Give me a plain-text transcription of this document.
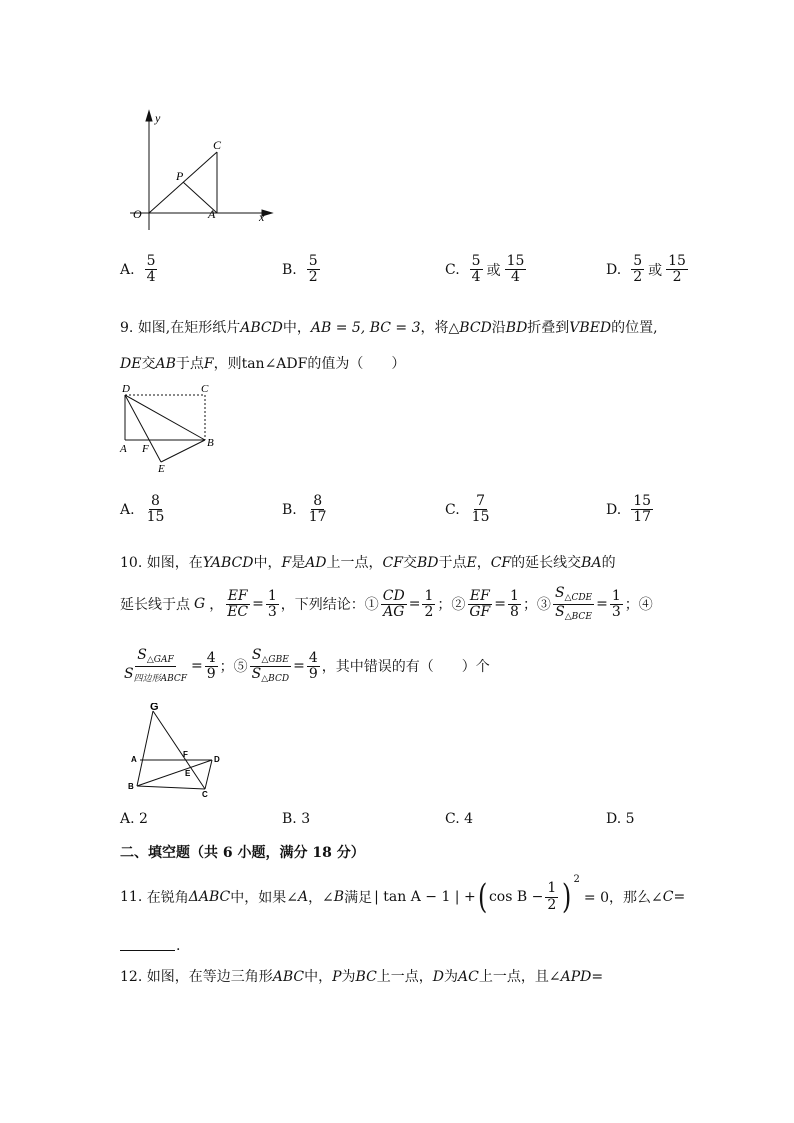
y
C
P
O	A	x
A. $\frac{5}{4}$	B. $\frac{5}{2}$	C. $\frac{5}{4}$ 或 $\frac{15}{4}$	D. $\frac{5}{2}$ 或 $\frac{15}{2}$
9. 如图,在矩形纸片ABCD中，AB = 5, BC = 3，将△BCD沿BD折叠到VBED的位置,
DE交AB于点F，则tan∠ADF的值为（　　）
D	C
A F	B
E
A. $\frac{8}{15}$	B. $\frac{8}{17}$	C. $\frac{7}{15}$	D. $\frac{15}{17}$
10. 如图，在YABCD中，F是AD上一点，CF交BD于点E，CF的延长线交BA的
延长线于点 G ， $\frac{EF}{EC} = \frac{1}{3}$ ，下列结论：① $\frac{CD}{AG} = \frac{1}{2}$ ；② $\frac{EF}{GF} = \frac{1}{8}$ ；③ $\frac{S_{\triangle CDE}}{S_{\triangle BCE}} = \frac{1}{3}$ ；④
$\frac{S_{\triangle GAF}}{S_{四边形ABCF}} = \frac{4}{9}$ ；⑤ $\frac{S_{\triangle GBE}}{S_{\triangle BCD}} = \frac{4}{9}$ ，其中错误的有（　　）个
G
A
F
D
E
B
C
A. 2	B. 3	C. 4	D. 5
二、填空题（共 6 小题，满分 18 分）
11.
在锐角 ΔABC 中，如果∠ A ，∠ B 满足 | tan A − 1 | + ( $\cos B - \frac{1}{2} )^2$
= 0，那么∠ C =
.
12. 如图，在等边三角形ABC中，P为BC上一点，D为AC上一点，且∠APD=
